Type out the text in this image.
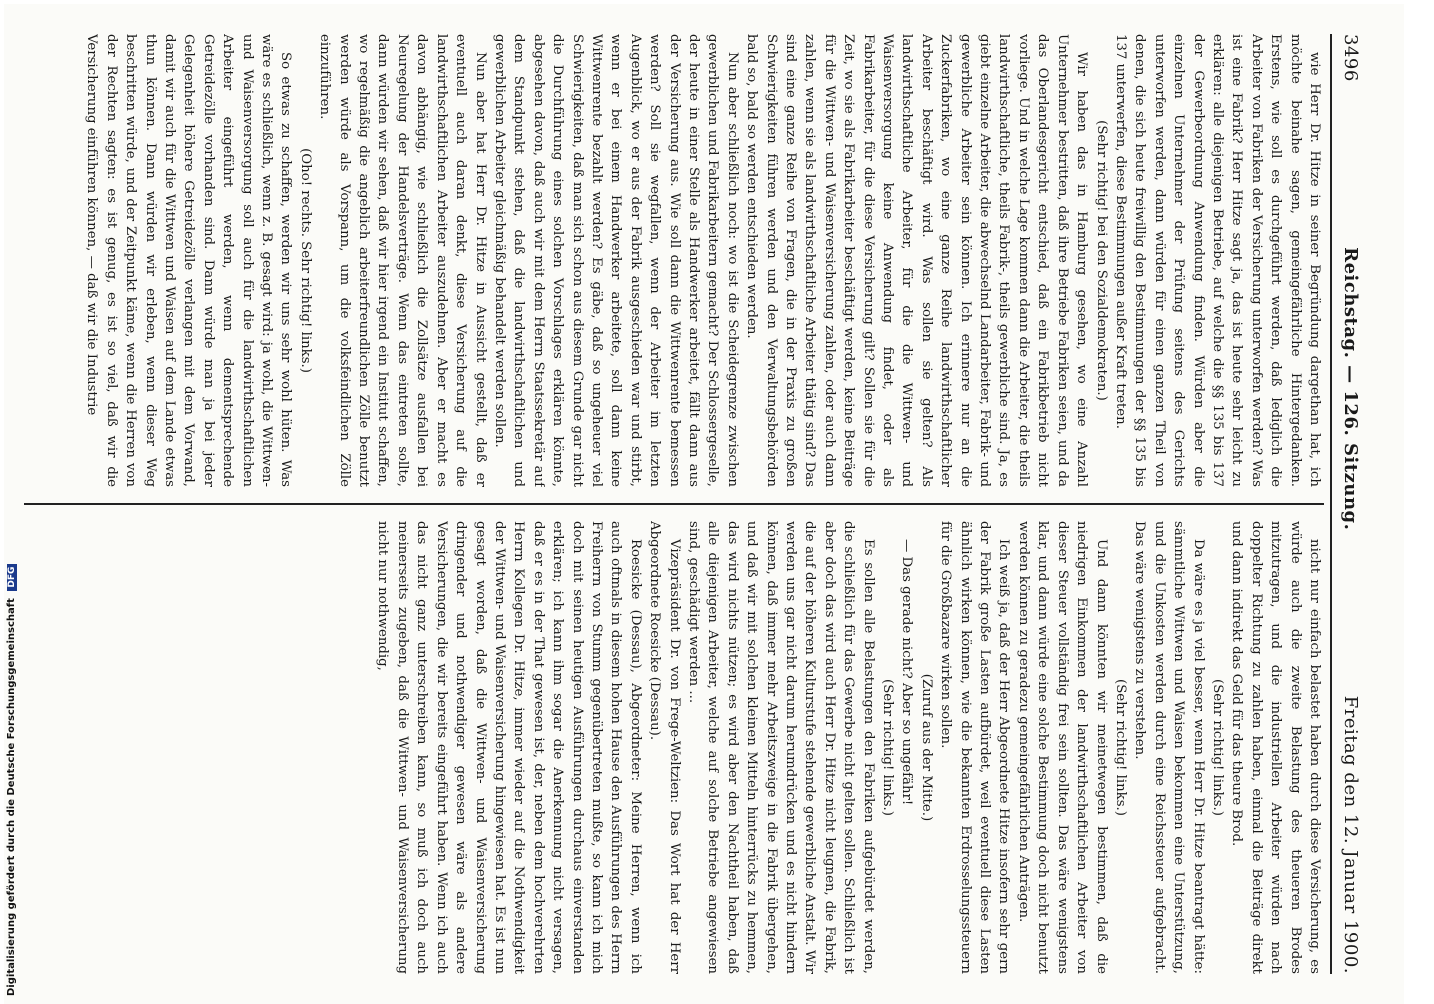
3496
Reichstag. — 126. Sitzung.
Freitag den 12. Januar 1900.

wie Herr Dr. Hitze in seiner Begründung dargethan hat, ich möchte beinahe sagen, gemeingefährliche Hintergedanken. Erstens, wie soll es durchgeführt werden, daß lediglich die Arbeiter von Fabriken der Versicherung unterworfen werden? Was ist eine Fabrik? Herr Hitze sagt ja, das ist heute sehr leicht zu erklären: alle diejenigen Betriebe, auf welche die §§ 135 bis 137 der Gewerbeordnung Anwendung finden. Würden aber die einzelnen Unternehmer der Prüfung seitens des Gerichts unterworfen werden, dann würden für einen ganzen Theil von denen, die sich heute freiwillig den Bestimmungen der §§ 135 bis 137 unterwerfen, diese Bestimmungen außer Kraft treten.

(Sehr richtig! bei den Sozialdemokraten.)

Wir haben das in Hamburg gesehen, wo eine Anzahl Unternehmer bestritten, daß ihre Betriebe Fabriken seien, und da das Oberlandesgericht entschied, daß ein Fabrikbetrieb nicht vorliege. Und in welche Lage kommen dann die Arbeiter, die theils landwirthschaftliche, theils Fabrik-, theils gewerbliche sind. Ja, es giebt einzelne Arbeiter, die abwechselnd Landarbeiter, Fabrik- und gewerbliche Arbeiter sein können. Ich erinnere nur an die Zuckerfabriken, wo eine ganze Reihe landwirthschaftlicher Arbeiter beschäftigt wird. Was sollen sie gelten? Als landwirthschaftliche Arbeiter, für die die Wittwen- und Waisenversorgung keine Anwendung findet, oder als Fabrikarbeiter, für die diese Versicherung gilt? Sollen sie für die Zeit, wo sie als Fabrikarbeiter beschäftigt werden, keine Beiträge für die Wittwen- und Waisenversicherung zahlen, oder auch dann zahlen, wenn sie als landwirthschaftliche Arbeiter thätig sind? Das sind eine ganze Reihe von Fragen, die in der Praxis zu großen Schwierigkeiten führen werden und den Verwaltungsbehörden bald so, bald so werden entschieden werden.

Nun aber schließlich noch: wo ist die Scheidegrenze zwischen gewerblichen und Fabrikarbeitern gemacht? Der Schlossergeselle, der heute in einer Stelle als Handwerker arbeitet, fällt dann aus der Versicherung aus. Wie soll dann die Wittwenrente bemessen werden? Soll sie wegfallen, wenn der Arbeiter im letzten Augenblick, wo er aus der Fabrik ausgeschieden war und stirbt, wenn er bei einem Handwerker arbeitete, soll dann keine Wittwenrente bezahlt werden? Es gäbe, daß so ungeheuer viel Schwierigkeiten, daß man sich schon aus diesem Grunde gar nicht die Durchführung eines solchen Vorschlages erklären könnte, abgesehen davon, daß auch wir mit dem Herrn Staatssekretär auf dem Standpunkt stehen, daß die landwirthschaftlichen und gewerblichen Arbeiter gleichmäßig behandelt werden sollen.

Nun aber hat Herr Dr. Hitze in Aussicht gestellt, daß er eventuell auch daran denkt, diese Versicherung auf die landwirthschaftlichen Arbeiter auszudehnen. Aber er macht es davon abhängig, wie schließlich die Zollsätze ausfallen bei Neuregelung der Handelsverträge. Wenn das eintreten sollte, dann würden wir sehen, daß wir hier irgend ein Institut schaffen, wo regelmäßig die angeblich arbeiterfreundlichen Zölle benutzt werden würde als Vorspann, um die volksfeindlichen Zölle einzuführen.

(Oho! rechts. Sehr richtig! links.)

So etwas zu schaffen, werden wir uns sehr wohl hüten. Was wäre es schließlich, wenn z. B. gesagt wird: ja wohl, die Wittwen- und Waisenversorgung soll auch für die landwirthschaftlichen Arbeiter eingeführt werden, wenn dementsprechende Getreidezölle vorhanden sind. Dann würde man ja bei jeder Gelegenheit höhere Getreidezölle verlangen mit dem Vorwand, damit wir auch für die Wittwen und Waisen auf dem Lande etwas thun können. Dann würden wir erleben, wenn dieser Weg beschritten würde, und der Zeitpunkt käme, wenn die Herren von der Rechten sagten: es ist genug, es ist so viel, daß wir die Versicherung einführen können, — daß wir die Industrie

nicht nur einfach belastet haben durch diese Versicherung, es würde auch die zweite Belastung des theueren Brodes mitzutragen, und die industriellen Arbeiter würden nach doppelter Richtung zu zahlen haben, einmal die Beiträge direkt und dann indirekt das Geld für das theure Brod.

(Sehr richtig! links.)

Da wäre es ja viel besser, wenn Herr Dr. Hitze beantragt hätte: sämmtliche Wittwen und Waisen bekommen eine Unterstützung, und die Unkosten werden durch eine Reichssteuer aufgebracht. Das wäre wenigstens zu verstehen.

(Sehr richtig! links.)

Und dann könnten wir meinetwegen bestimmen, daß die niedrigen Einkommen der landwirthschaftlichen Arbeiter von dieser Steuer vollständig frei sein sollten. Das wäre wenigstens klar, und dann würde eine solche Bestimmung doch nicht benutzt werden können zu geradezu gemeingefährlichen Anträgen.

Ich weiß ja, daß der Herr Abgeordnete Hitze insofern sehr gern der Fabrik große Lasten aufbürdet, weil eventuell diese Lasten ähnlich wirken können, wie die bekannten Erdrosselungssteuern für die Großbazare wirken sollen.

(Zuruf aus der Mitte.)

— Das gerade nicht? Aber so ungefähr!

(Sehr richtig! links.)

Es sollen alle Belastungen den Fabriken aufgebürdet werden, die schließlich für das Gewerbe nicht gelten sollen. Schließlich ist aber doch das wird auch Herr Dr. Hitze nicht leugnen, die Fabrik, die auf der höheren Kulturstufe stehende gewerbliche Anstalt. Wir werden uns gar nicht darum herumdrücken und es nicht hindern können, daß immer mehr Arbeitszweige in die Fabrik übergehen, und daß wir mit solchen kleinen Mitteln hinterrücks zu hemmen, das wird nichts nützen; es wird aber den Nachtheil haben, daß alle diejenigen Arbeiter, welche auf solche Betriebe angewiesen sind, geschädigt werden ...

Vizepräsident Dr. von Frege-Weltzien: Das Wort hat der Herr Abgeordnete Roesicke (Dessau).

Roesicke (Dessau), Abgeordneter: Meine Herren, wenn ich auch oftmals in diesem hohen Hause den Ausführungen des Herrn Freiherrn von Stumm gegenübertreten mußte, so kann ich mich doch mit seinen heutigen Ausführungen durchaus einverstanden erklären; ich kann ihm sogar die Anerkennung nicht versagen, daß er es in der That gewesen ist, der, neben dem hochverehrten Herrn Kollegen Dr. Hitze, immer wieder auf die Nothwendigkeit der Wittwen- und Waisenversicherung hingewiesen hat. Es ist nun gesagt worden, daß die Wittwen- und Waisenversicherung dringender und nothwendiger gewesen wäre als andere Versicherungen, die wir bereits eingeführt haben. Wenn ich auch das nicht ganz unterschreiben kann, so muß ich doch auch meinerseits zugeben, daß die Wittwen- und Waisenversicherung nicht nur nothwendig,

Digitalisierung gefördert durch die Deutsche Forschungsgemeinschaft DFG
